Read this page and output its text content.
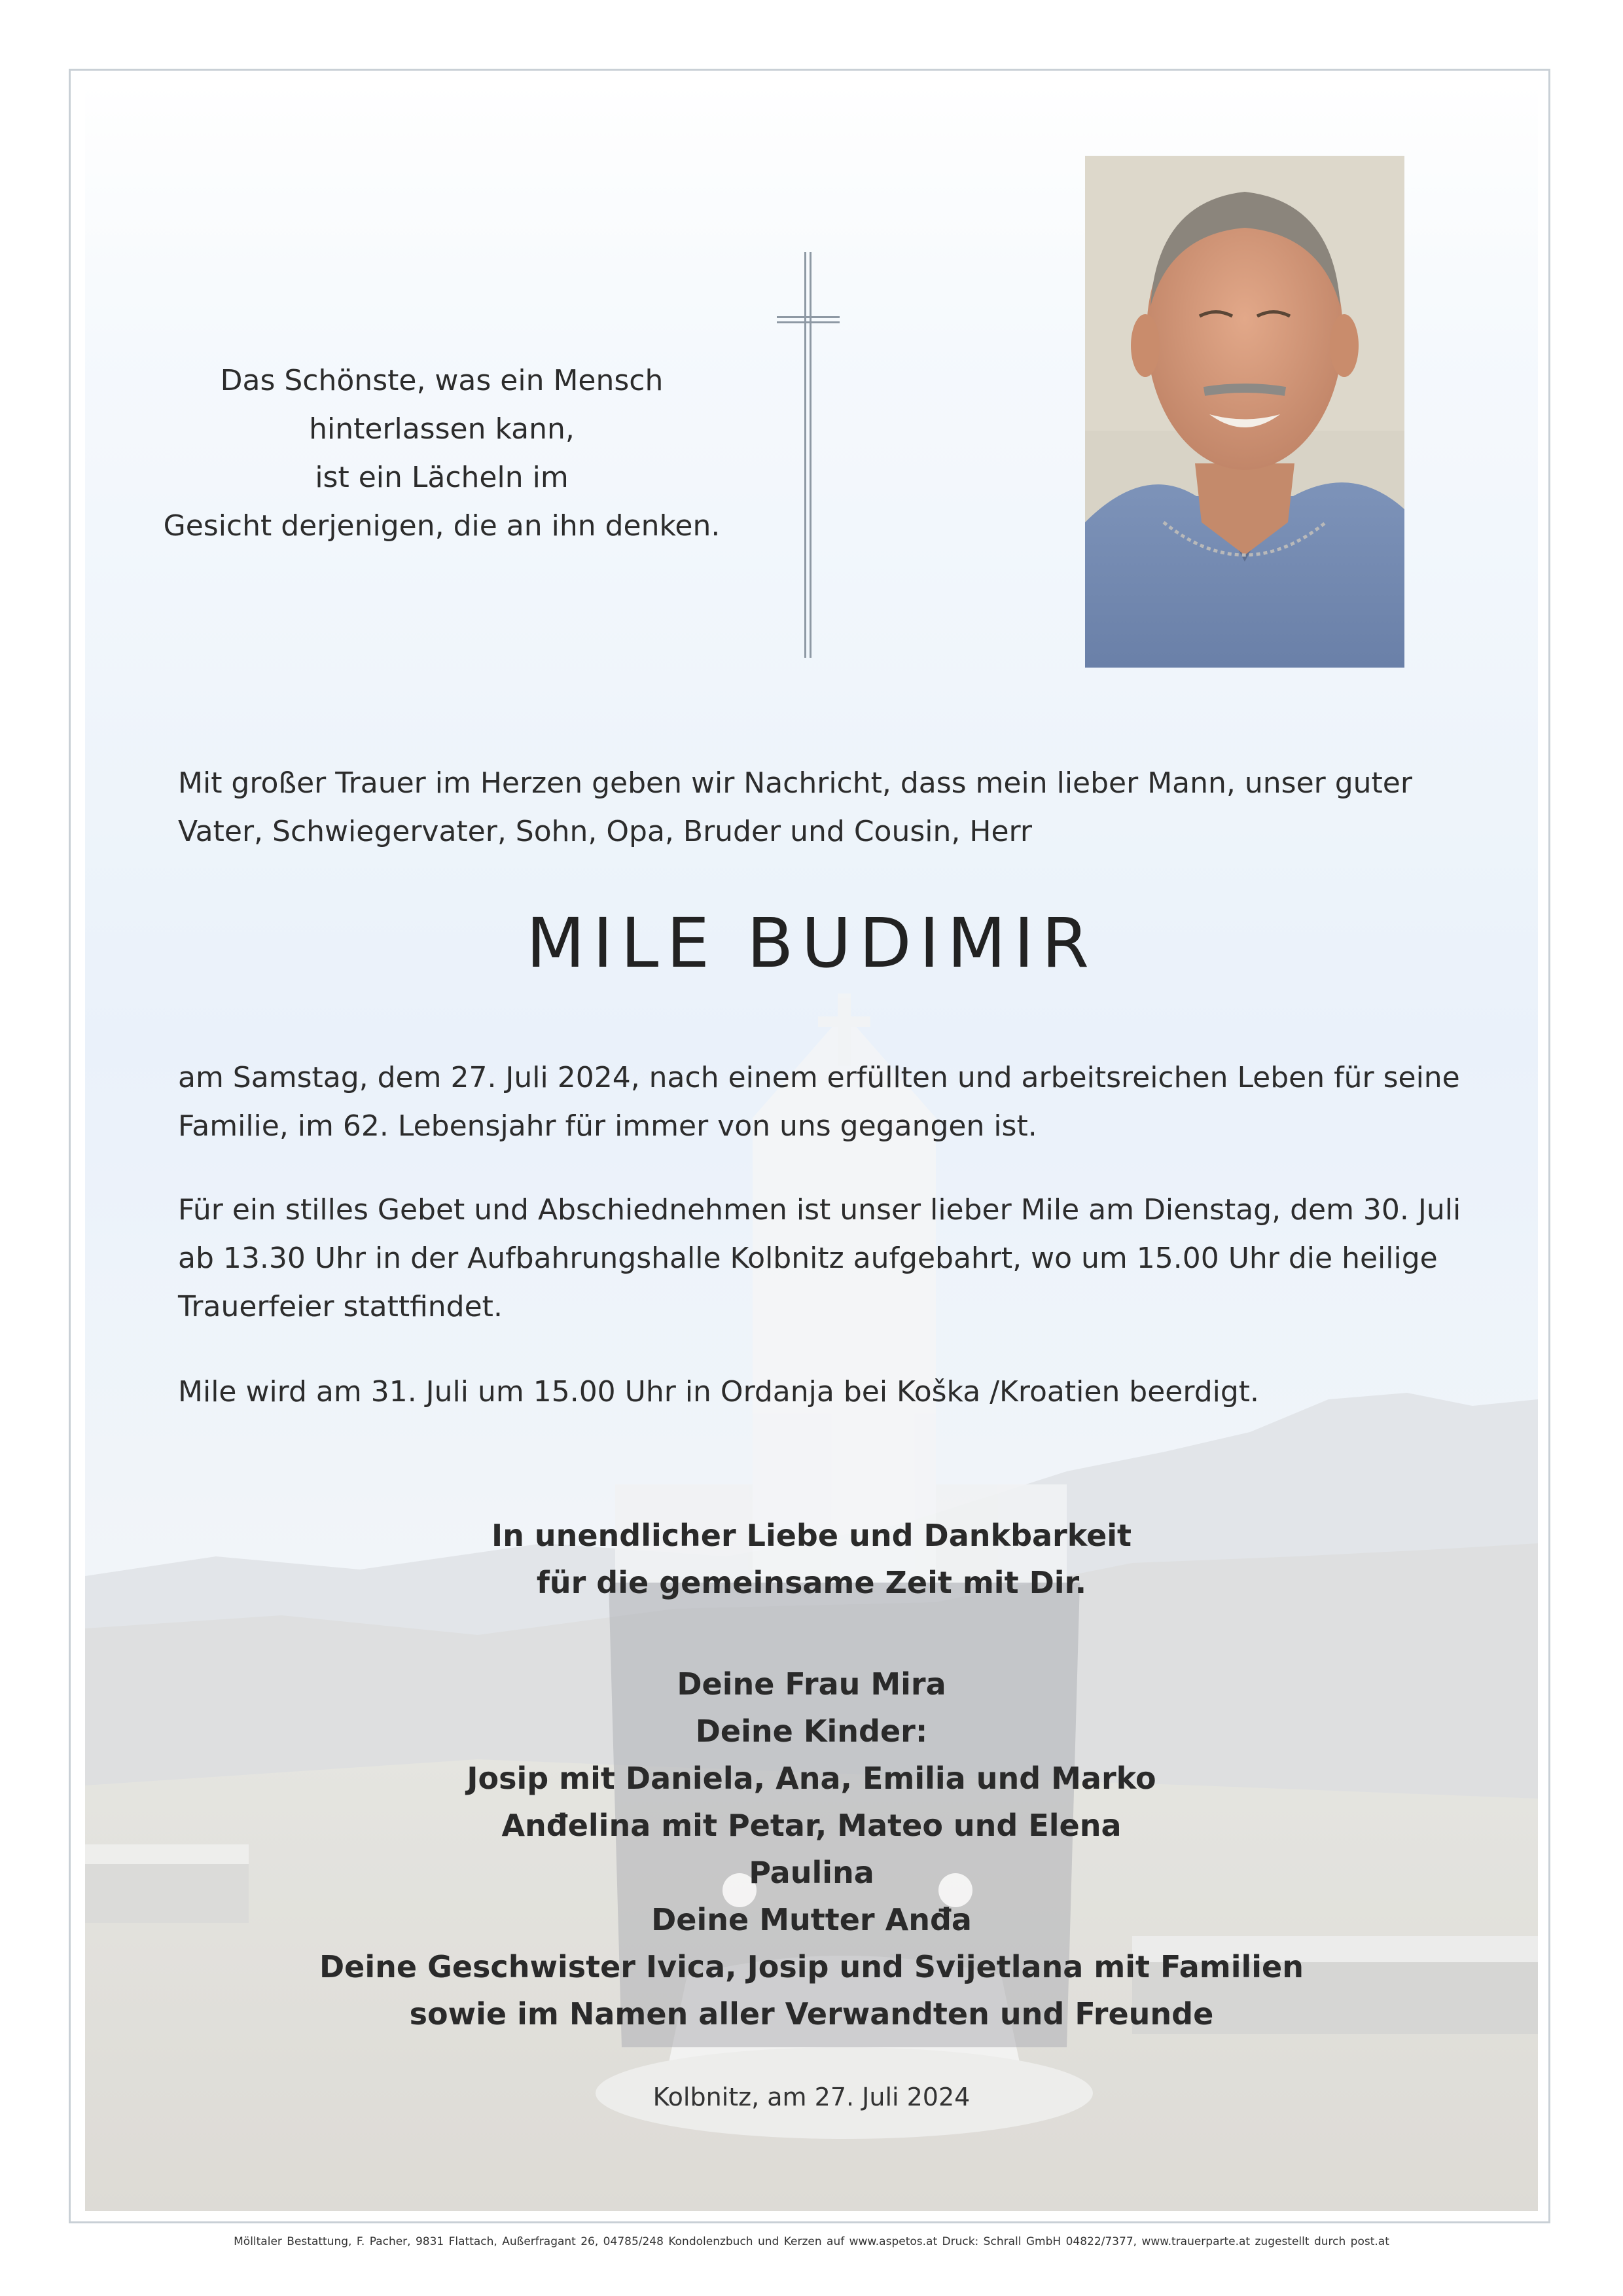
Das Schönste, was ein Mensch
hinterlassen kann,
ist ein Lächeln im
Gesicht derjenigen, die an ihn denken.
Mit großer Trauer im Herzen geben wir Nachricht, dass mein lieber Mann, unser guter
Vater, Schwiegervater, Sohn, Opa, Bruder und Cousin, Herr
MILE BUDIMIR
am Samstag, dem 27. Juli 2024, nach einem erfüllten und arbeitsreichen Leben für seine
Familie, im 62. Lebensjahr für immer von uns gegangen ist.
Für ein stilles Gebet und Abschiednehmen ist unser lieber Mile am Dienstag, dem 30. Juli
ab 13.30 Uhr in der Aufbahrungshalle Kolbnitz aufgebahrt, wo um 15.00 Uhr die heilige
Trauerfeier stattfindet.
Mile wird am 31. Juli um 15.00 Uhr in Ordanja bei Koška /Kroatien beerdigt.
In unendlicher Liebe und Dankbarkeit
für die gemeinsame Zeit mit Dir.
Deine Frau Mira
Deine Kinder:
Josip mit Daniela, Ana, Emilia und Marko
Anđelina mit Petar, Mateo und Elena
Paulina
Deine Mutter Anđa
Deine Geschwister Ivica, Josip und Svijetlana mit Familien
sowie im Namen aller Verwandten und Freunde
Kolbnitz, am 27. Juli 2024
Mölltaler Bestattung, F. Pacher, 9831 Flattach, Außerfragant 26, 04785/248 Kondolenzbuch und Kerzen auf www.aspetos.at Druck: Schrall GmbH 04822/7377, www.trauerparte.at zugestellt durch post.at
